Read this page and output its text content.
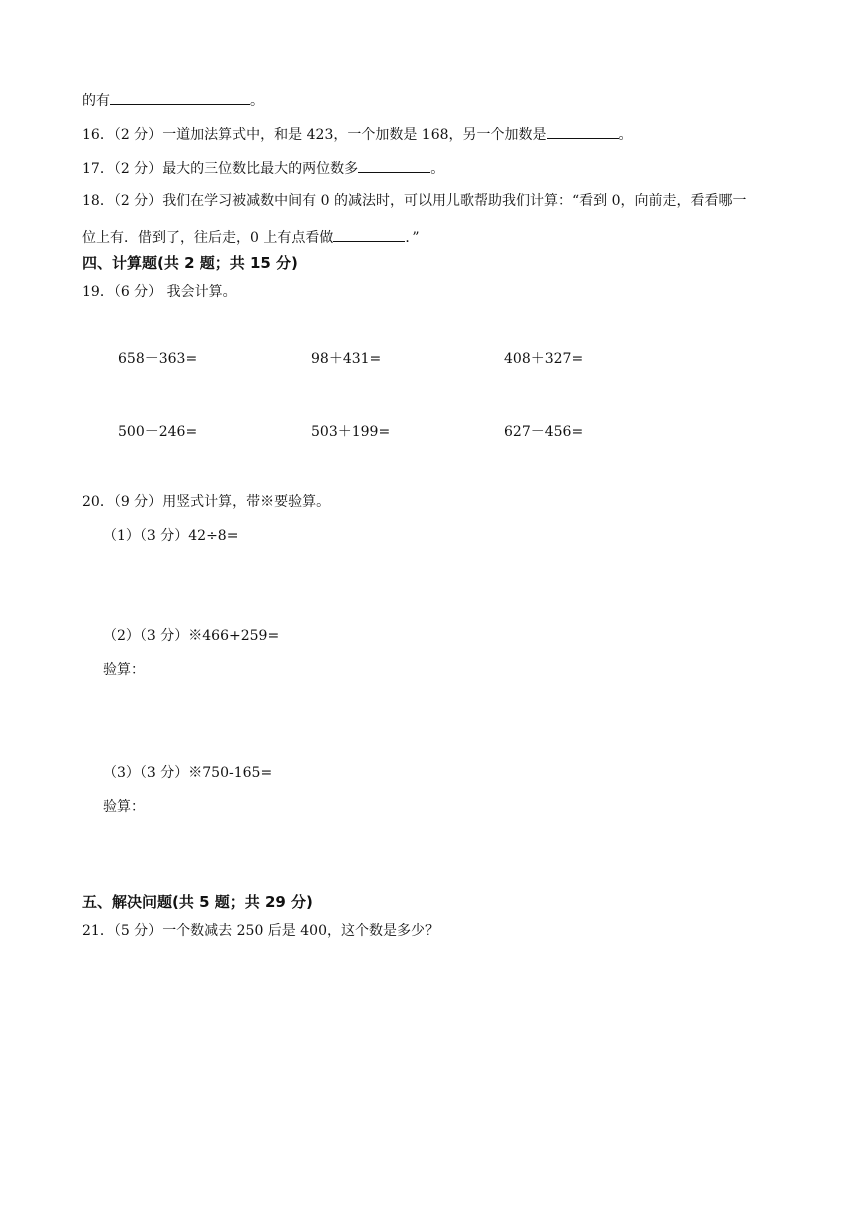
的有	。
16．（2 分）一道加法算式中，和是 423，一个加数是 168，另一个加数是	。
17．（2 分）最大的三位数比最大的两位数多	。
18．（2 分）我们在学习被减数中间有 0 的减法时，可以用儿歌帮助我们计算：“看到 0，向前走，看看哪一
位上有．借到了，往后走，0 上有点看做	．”
四、计算题(共 2 题；共 15 分)
19．（6 分） 我会计算。
658－363=	98＋431=	408＋327=
500－246=	503＋199=	627－456=
20．（9 分）用竖式计算，带※要验算。
（1）（3 分）42÷8=
（2）（3 分）※466+259=
验算：
（3）（3 分）※750-165=
验算：
五、解决问题(共 5 题；共 29 分)
21．（5 分）一个数减去 250 后是 400，这个数是多少？
